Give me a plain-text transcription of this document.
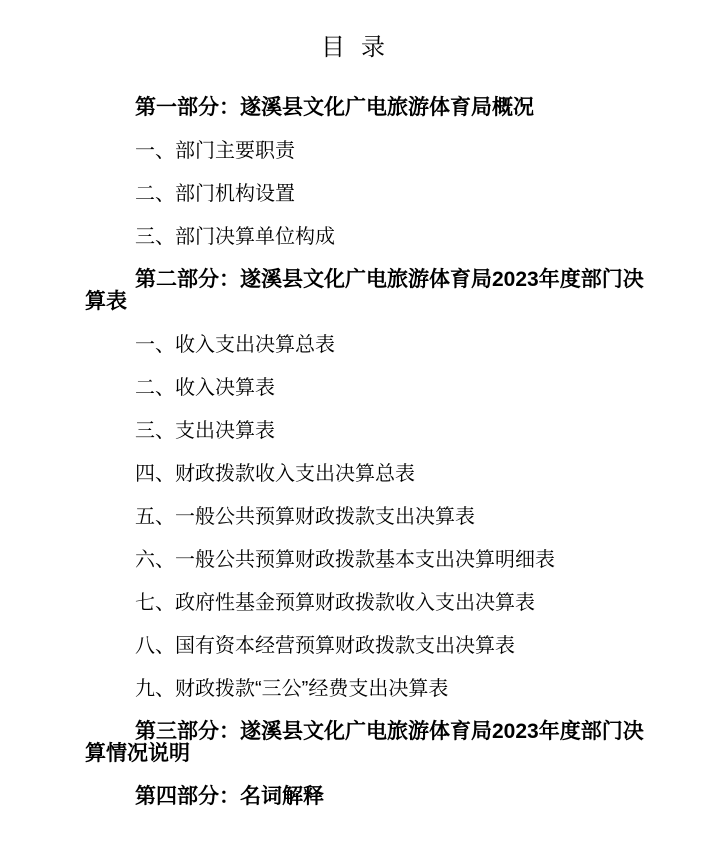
目 录
第一部分：遂溪县文化广电旅游体育局概况
一、部门主要职责
二、部门机构设置
三、部门决算单位构成
第二部分：遂溪县文化广电旅游体育局2023年度部门决
算表
一、收入支出决算总表
二、收入决算表
三、支出决算表
四、财政拨款收入支出决算总表
五、一般公共预算财政拨款支出决算表
六、一般公共预算财政拨款基本支出决算明细表
七、政府性基金预算财政拨款收入支出决算表
八、国有资本经营预算财政拨款支出决算表
九、财政拨款“三公”经费支出决算表
第三部分：遂溪县文化广电旅游体育局2023年度部门决
算情况说明
第四部分：名词解释
